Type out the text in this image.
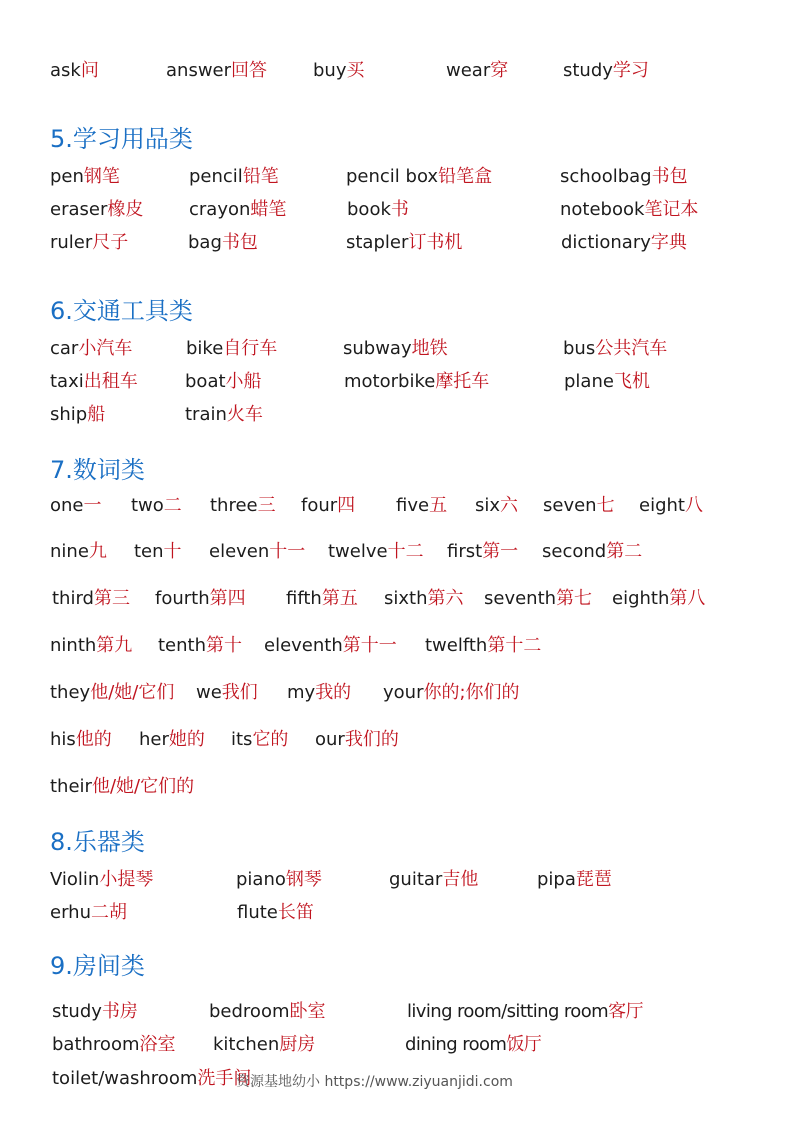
ask问	answer回答	buy买	wear穿	study学习
5.学习用品类
pen钢笔	pencil铅笔	pencil box铅笔盒	schoolbag书包
eraser橡皮	crayon蜡笔	book书	notebook笔记本
ruler尺子	bag书包	stapler订书机	dictionary字典
6.交通工具类
car小汽车	bike自行车	subway地铁	bus公共汽车
taxi出租车	boat小船	motorbike摩托车	plane飞机
ship船	train火车
7.数词类
one一 two二 three三 four四 five五 six六 seven七 eight八
nine九 ten十 eleven十一 twelve十二 first第一 second第二
third第三 fourth第四 fifth第五 sixth第六 seventh第七 eighth第八
ninth第九 tenth第十 eleventh第十一 twelfth第十二
they他/她/它们 we我们 my我的 your你的;你们的
his他的 her她的 its它的 our我们的
their他/她/它们的
8.乐器类
Violin小提琴	piano钢琴	guitar吉他	pipa琵琶
erhu二胡	flute长笛
9.房间类
study书房	bedroom卧室	living room/sitting room客厅
bathroom浴室 kitchen厨房	dining room饭厅
toilet/washroom洗手间
资源基地幼小 https://www.ziyuanjidi.com
